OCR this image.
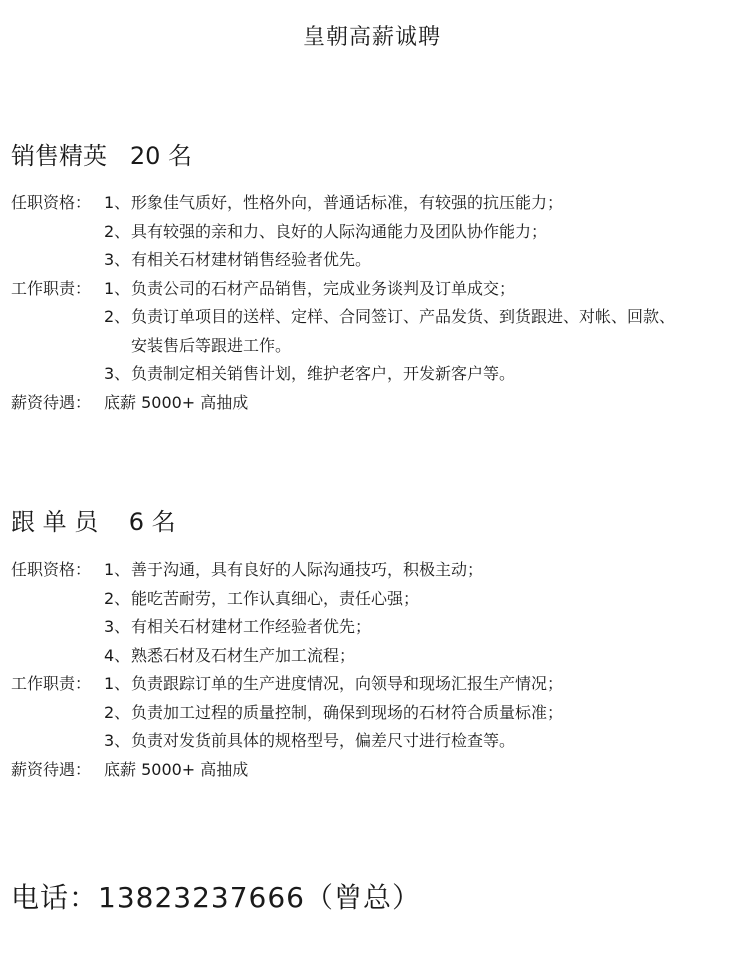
皇朝高薪诚聘
销售精英 20 名
任职资格： 1、 形象佳气质好，性格外向，普通话标准，有较强的抗压能力；
2、 具有较强的亲和力、良好的人际沟通能力及团队协作能力；
3、 有相关石材建材销售经验者优先。
工作职责： 1、 负责公司的石材产品销售，完成业务谈判及订单成交；
2、 负责订单项目的送样、定样、合同签订、产品发货、到货跟进、对帐、回款、
安装售后等跟进工作。
3、 负责制定相关销售计划，维护老客户，开发新客户等。
薪资待遇： 底薪 5000+ 高抽成
跟 单 员 6 名
任职资格： 1、 善于沟通，具有良好的人际沟通技巧，积极主动；
2、 能吃苦耐劳，工作认真细心，责任心强；
3、 有相关石材建材工作经验者优先；
4、 熟悉石材及石材生产加工流程；
工作职责： 1、 负责跟踪订单的生产进度情况，向领导和现场汇报生产情况；
2、 负责加工过程的质量控制，确保到现场的石材符合质量标准；
3、 负责对发货前具体的规格型号，偏差尺寸进行检查等。
薪资待遇： 底薪 5000+ 高抽成
电话：13823237666（曾总）
